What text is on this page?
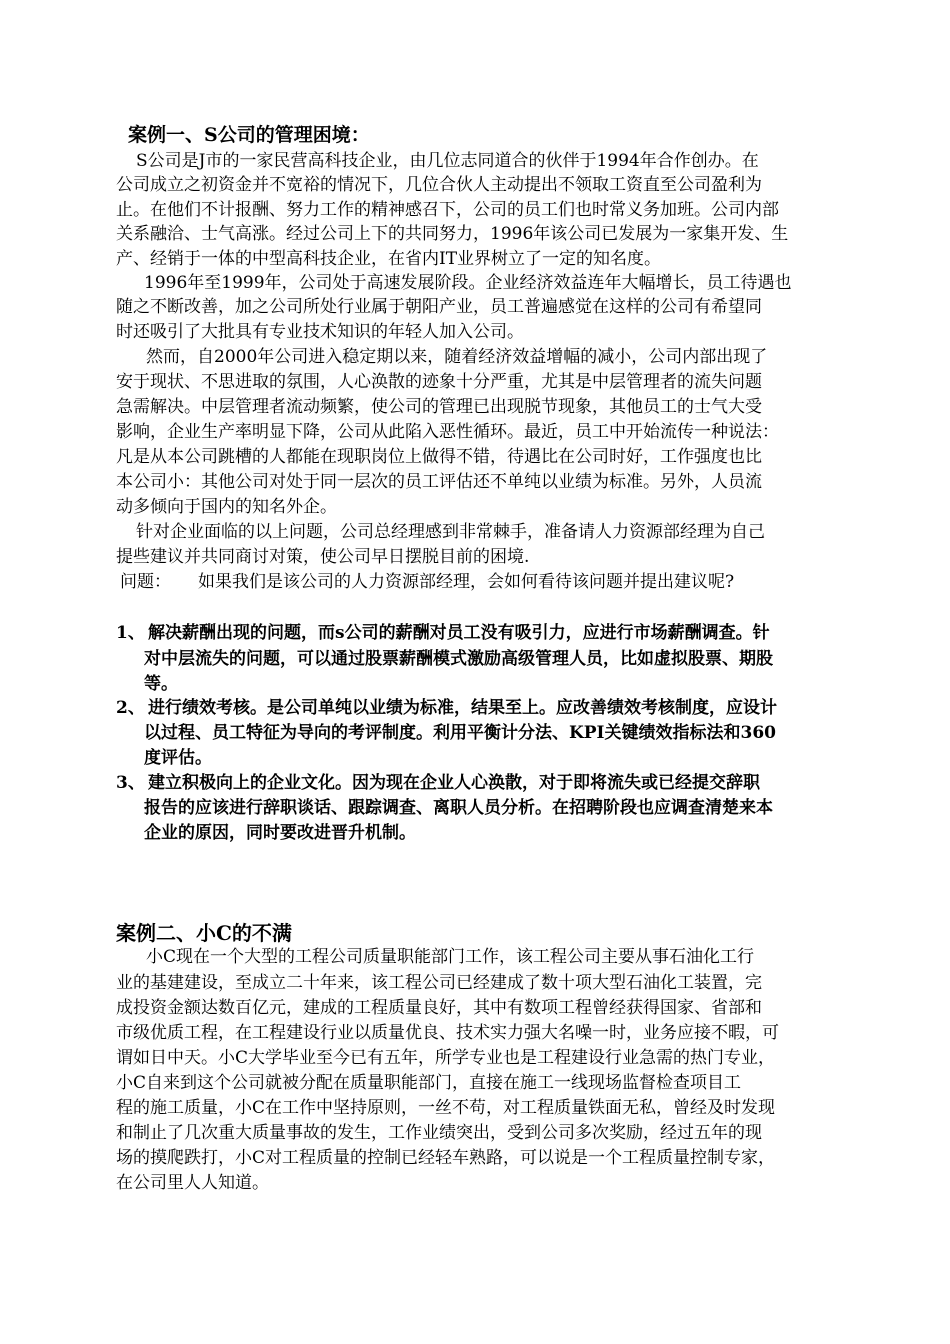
案例一、S公司的管理困境：
S公司是J市的一家民营高科技企业，由几位志同道合的伙伴于1994年合作创办。在
公司成立之初资金并不宽裕的情况下，几位合伙人主动提出不领取工资直至公司盈利为
止。在他们不计报酬、努力工作的精神感召下，公司的员工们也时常义务加班。公司内部
关系融洽、士气高涨。经过公司上下的共同努力，1996年该公司已发展为一家集开发、生
产、经销于一体的中型高科技企业，在省内IT业界树立了一定的知名度。
1996年至1999年，公司处于高速发展阶段。企业经济效益连年大幅增长，员工待遇也
随之不断改善，加之公司所处行业属于朝阳产业，员工普遍感觉在这样的公司有希望同
时还吸引了大批具有专业技术知识的年轻人加入公司。
然而，自2000年公司进入稳定期以来，随着经济效益增幅的减小，公司内部出现了
安于现状、不思进取的氛围，人心涣散的迹象十分严重，尤其是中层管理者的流失问题
急需解决。中层管理者流动频繁，使公司的管理已出现脱节现象，其他员工的士气大受
影响，企业生产率明显下降，公司从此陷入恶性循环。最近，员工中开始流传一种说法：
凡是从本公司跳槽的人都能在现职岗位上做得不错，待遇比在公司时好，工作强度也比
本公司小：其他公司对处于同一层次的员工评估还不单纯以业绩为标准。另外，人员流
动多倾向于国内的知名外企。
针对企业面临的以上问题，公司总经理感到非常棘手，准备请人力资源部经理为自己
提些建议并共同商讨对策，使公司早日摆脱目前的困境.
问题： 如果我们是该公司的人力资源部经理，会如何看待该问题并提出建议呢?
1、 解决薪酬出现的问题，而s公司的薪酬对员工没有吸引力，应进行市场薪酬调查。针
对中层流失的问题，可以通过股票薪酬模式激励高级管理人员，比如虚拟股票、期股
等。
2、 进行绩效考核。是公司单纯以业绩为标准，结果至上。应改善绩效考核制度，应设计
以过程、员工特征为导向的考评制度。利用平衡计分法、KPI关键绩效指标法和360
度评估。
3、 建立积极向上的企业文化。因为现在企业人心涣散，对于即将流失或已经提交辞职
报告的应该进行辞职谈话、跟踪调查、离职人员分析。在招聘阶段也应调查清楚来本
企业的原因，同时要改进晋升机制。
案例二、小C的不满
小C现在一个大型的工程公司质量职能部门工作，该工程公司主要从事石油化工行
业的基建建设，至成立二十年来，该工程公司已经建成了数十项大型石油化工装置，完
成投资金额达数百亿元，建成的工程质量良好，其中有数项工程曾经获得国家、省部和
市级优质工程，在工程建设行业以质量优良、技术实力强大名噪一时，业务应接不暇，可
谓如日中天。小C大学毕业至今已有五年，所学专业也是工程建设行业急需的热门专业，
小C自来到这个公司就被分配在质量职能部门，直接在施工一线现场监督检查项目工
程的施工质量，小C在工作中坚持原则，一丝不苟，对工程质量铁面无私，曾经及时发现
和制止了几次重大质量事故的发生，工作业绩突出，受到公司多次奖励，经过五年的现
场的摸爬跌打，小C对工程质量的控制已经轻车熟路，可以说是一个工程质量控制专家，
在公司里人人知道。
